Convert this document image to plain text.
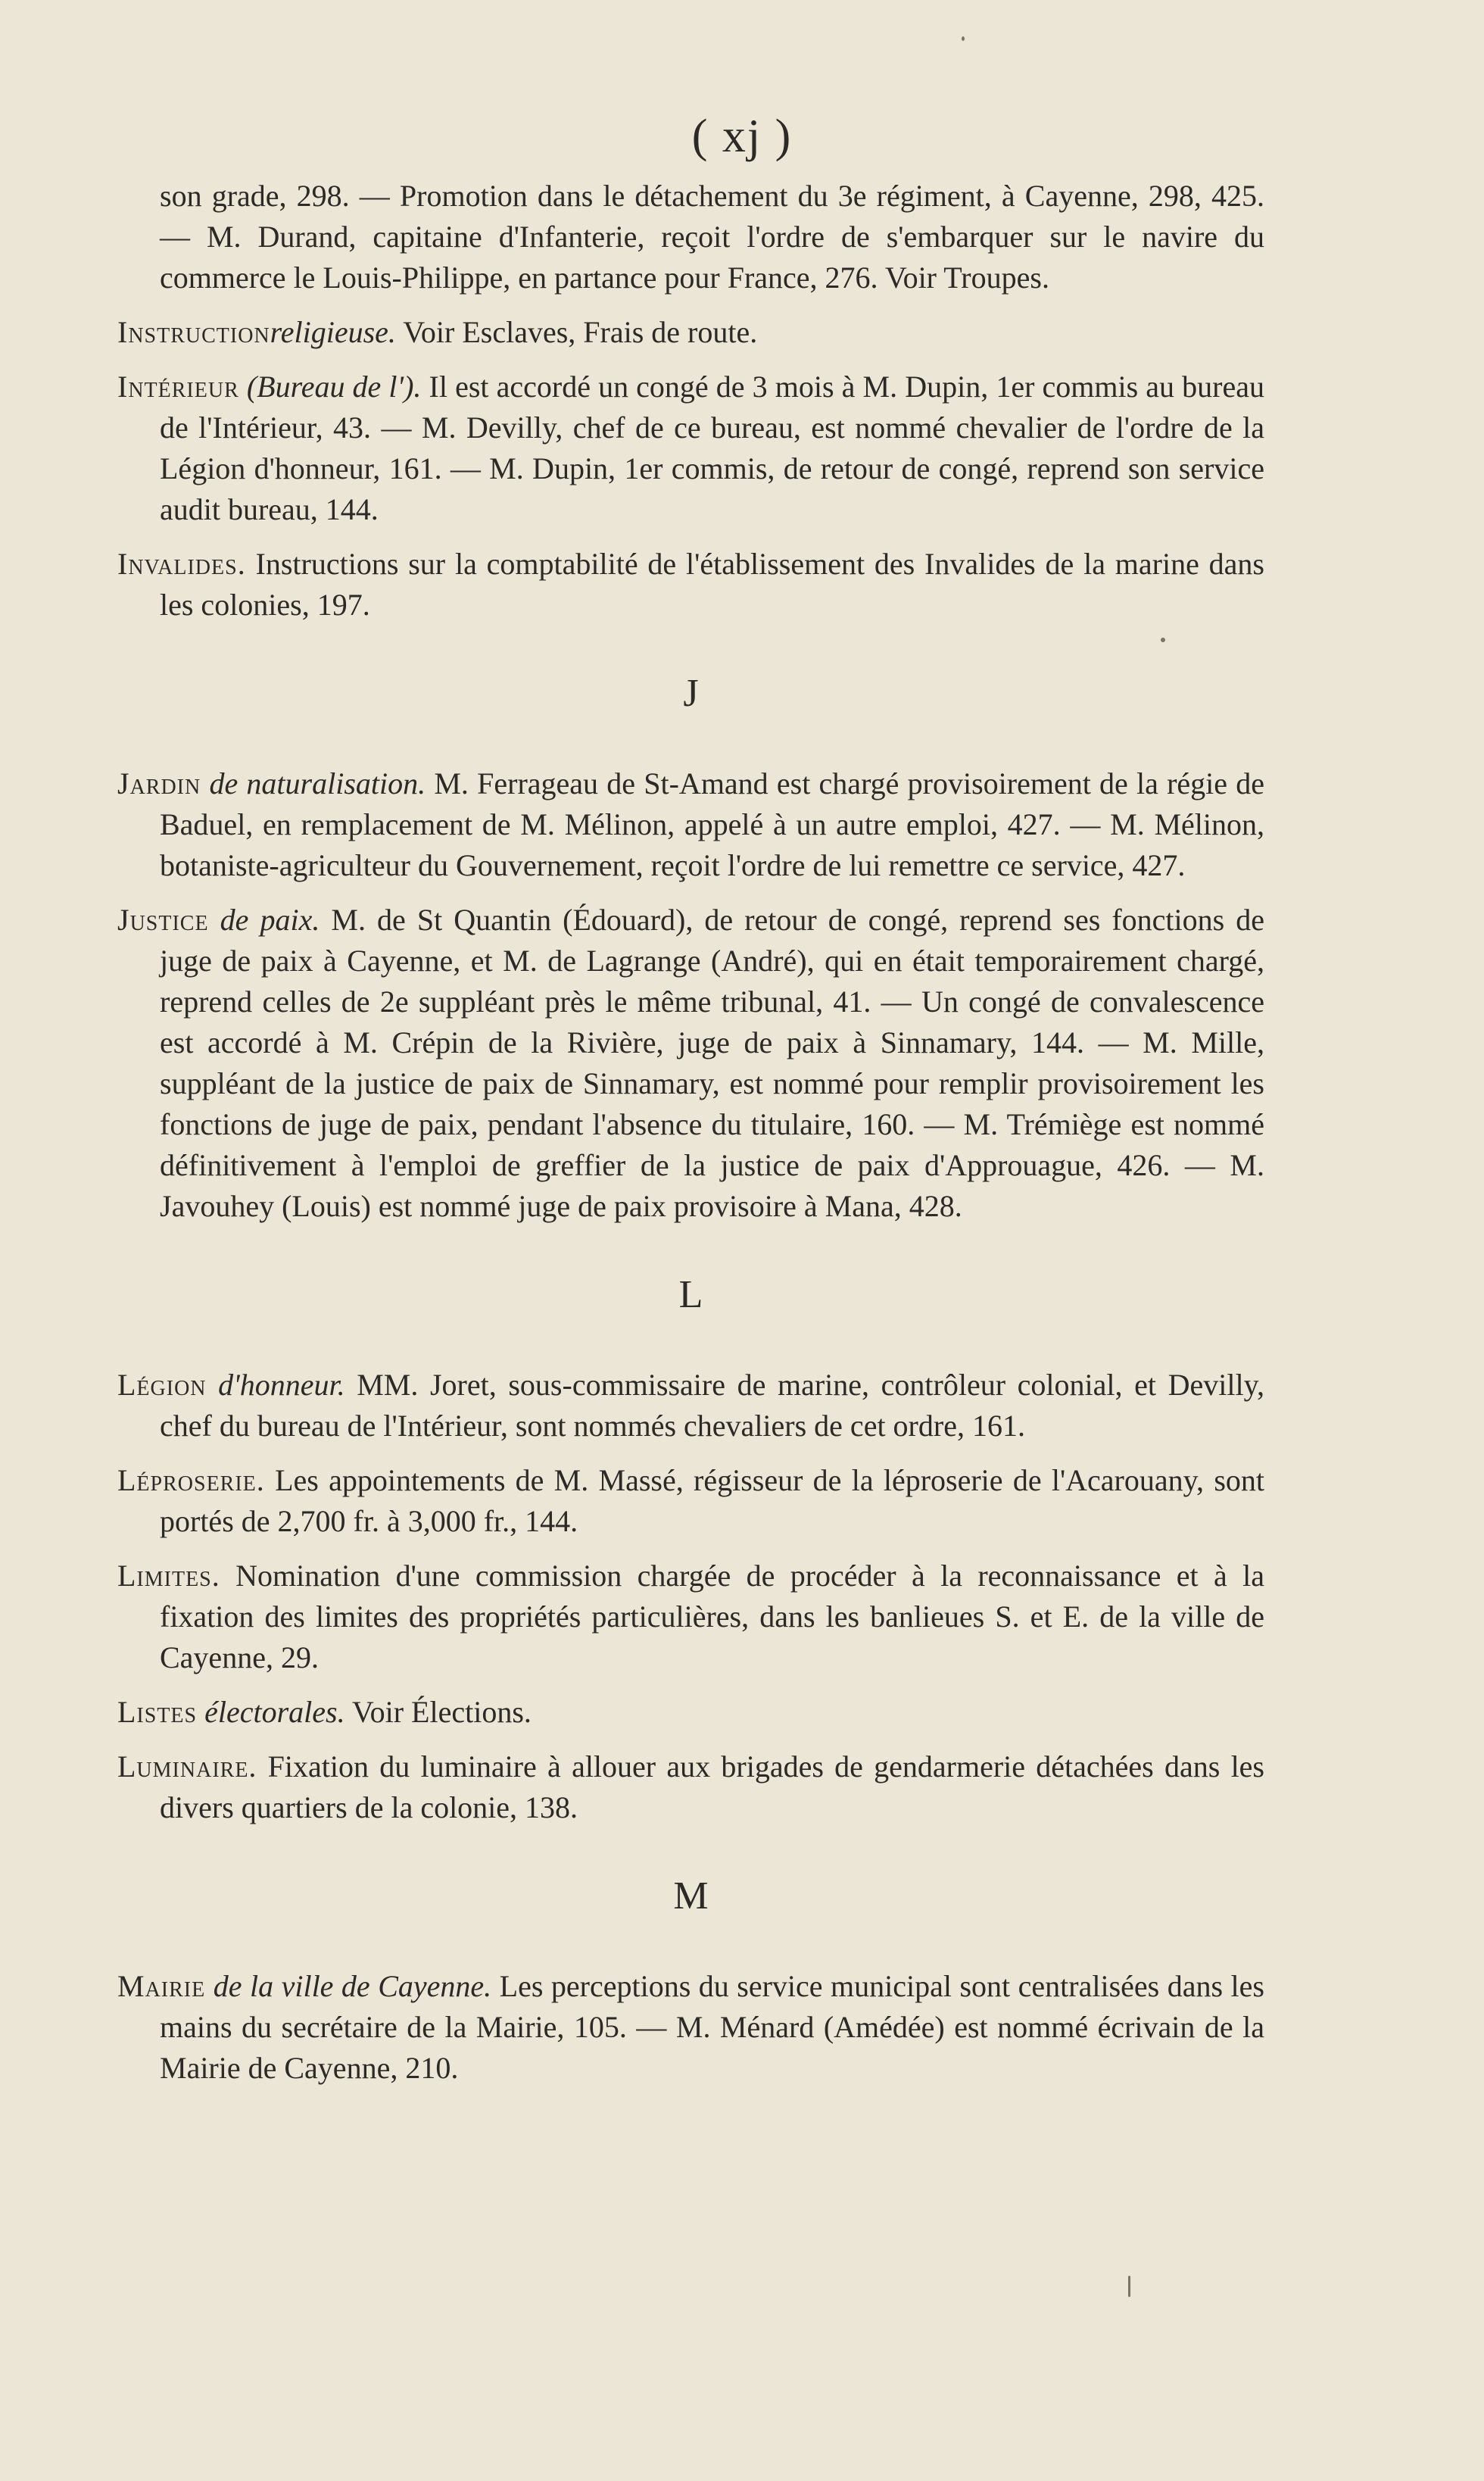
( xj )

son grade, 298. — Promotion dans le détachement du 3e régiment, à Cayenne, 298, 425. — M. Durand, capitaine d'Infanterie, reçoit l'ordre de s'embarquer sur le navire du commerce le Louis-Philippe, en partance pour France, 276. Voir Troupes.

Instructionreligieuse. Voir Esclaves, Frais de route.

Intérieur (Bureau de l'). Il est accordé un congé de 3 mois à M. Dupin, 1er commis au bureau de l'Intérieur, 43. — M. Devilly, chef de ce bureau, est nommé chevalier de l'ordre de la Légion d'honneur, 161. — M. Dupin, 1er commis, de retour de congé, reprend son service audit bureau, 144.

Invalides. Instructions sur la comptabilité de l'établissement des Invalides de la marine dans les colonies, 197.

J

Jardin de naturalisation. M. Ferrageau de St-Amand est chargé provisoirement de la régie de Baduel, en remplacement de M. Mélinon, appelé à un autre emploi, 427. — M. Mélinon, botaniste-agriculteur du Gouvernement, reçoit l'ordre de lui remettre ce service, 427.

Justice de paix. M. de St Quantin (Édouard), de retour de congé, reprend ses fonctions de juge de paix à Cayenne, et M. de Lagrange (André), qui en était temporairement chargé, reprend celles de 2e suppléant près le même tribunal, 41. — Un congé de convalescence est accordé à M. Crépin de la Rivière, juge de paix à Sinnamary, 144. — M. Mille, suppléant de la justice de paix de Sinnamary, est nommé pour remplir provisoirement les fonctions de juge de paix, pendant l'absence du titulaire, 160. — M. Trémiège est nommé définitivement à l'emploi de greffier de la justice de paix d'Approuague, 426. — M. Javouhey (Louis) est nommé juge de paix provisoire à Mana, 428.

L

Légion d'honneur. MM. Joret, sous-commissaire de marine, contrôleur colonial, et Devilly, chef du bureau de l'Intérieur, sont nommés chevaliers de cet ordre, 161.

Léproserie. Les appointements de M. Massé, régisseur de la léproserie de l'Acarouany, sont portés de 2,700 fr. à 3,000 fr., 144.

Limites. Nomination d'une commission chargée de procéder à la reconnaissance et à la fixation des limites des propriétés particulières, dans les banlieues S. et E. de la ville de Cayenne, 29.

Listes électorales. Voir Élections.

Luminaire. Fixation du luminaire à allouer aux brigades de gendarmerie détachées dans les divers quartiers de la colonie, 138.

M

Mairie de la ville de Cayenne. Les perceptions du service municipal sont centralisées dans les mains du secrétaire de la Mairie, 105. — M. Ménard (Amédée) est nommé écrivain de la Mairie de Cayenne, 210.
